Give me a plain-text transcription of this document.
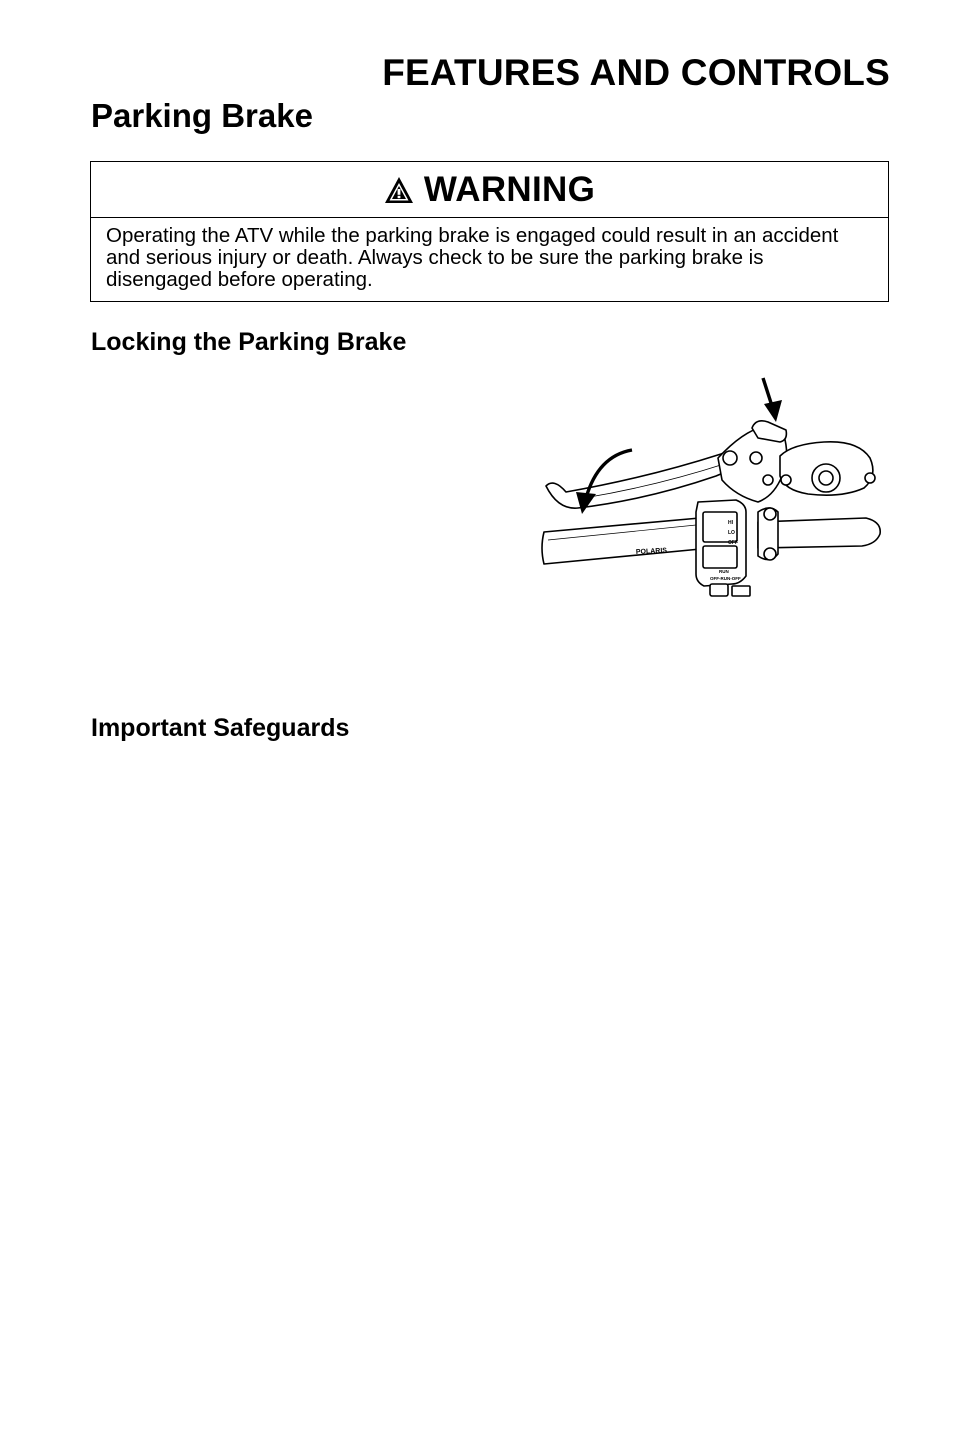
FEATURES AND CONTROLS
Parking Brake
WARNING

Operating the ATV while the parking brake is engaged could result in an accident and serious injury or death. Always check to be sure the parking brake is disengaged before operating.

Locking the Parking Brake
POLARIS
HI
LO
OFF
RUN
OFF-RUN-OFF
Important Safeguards
